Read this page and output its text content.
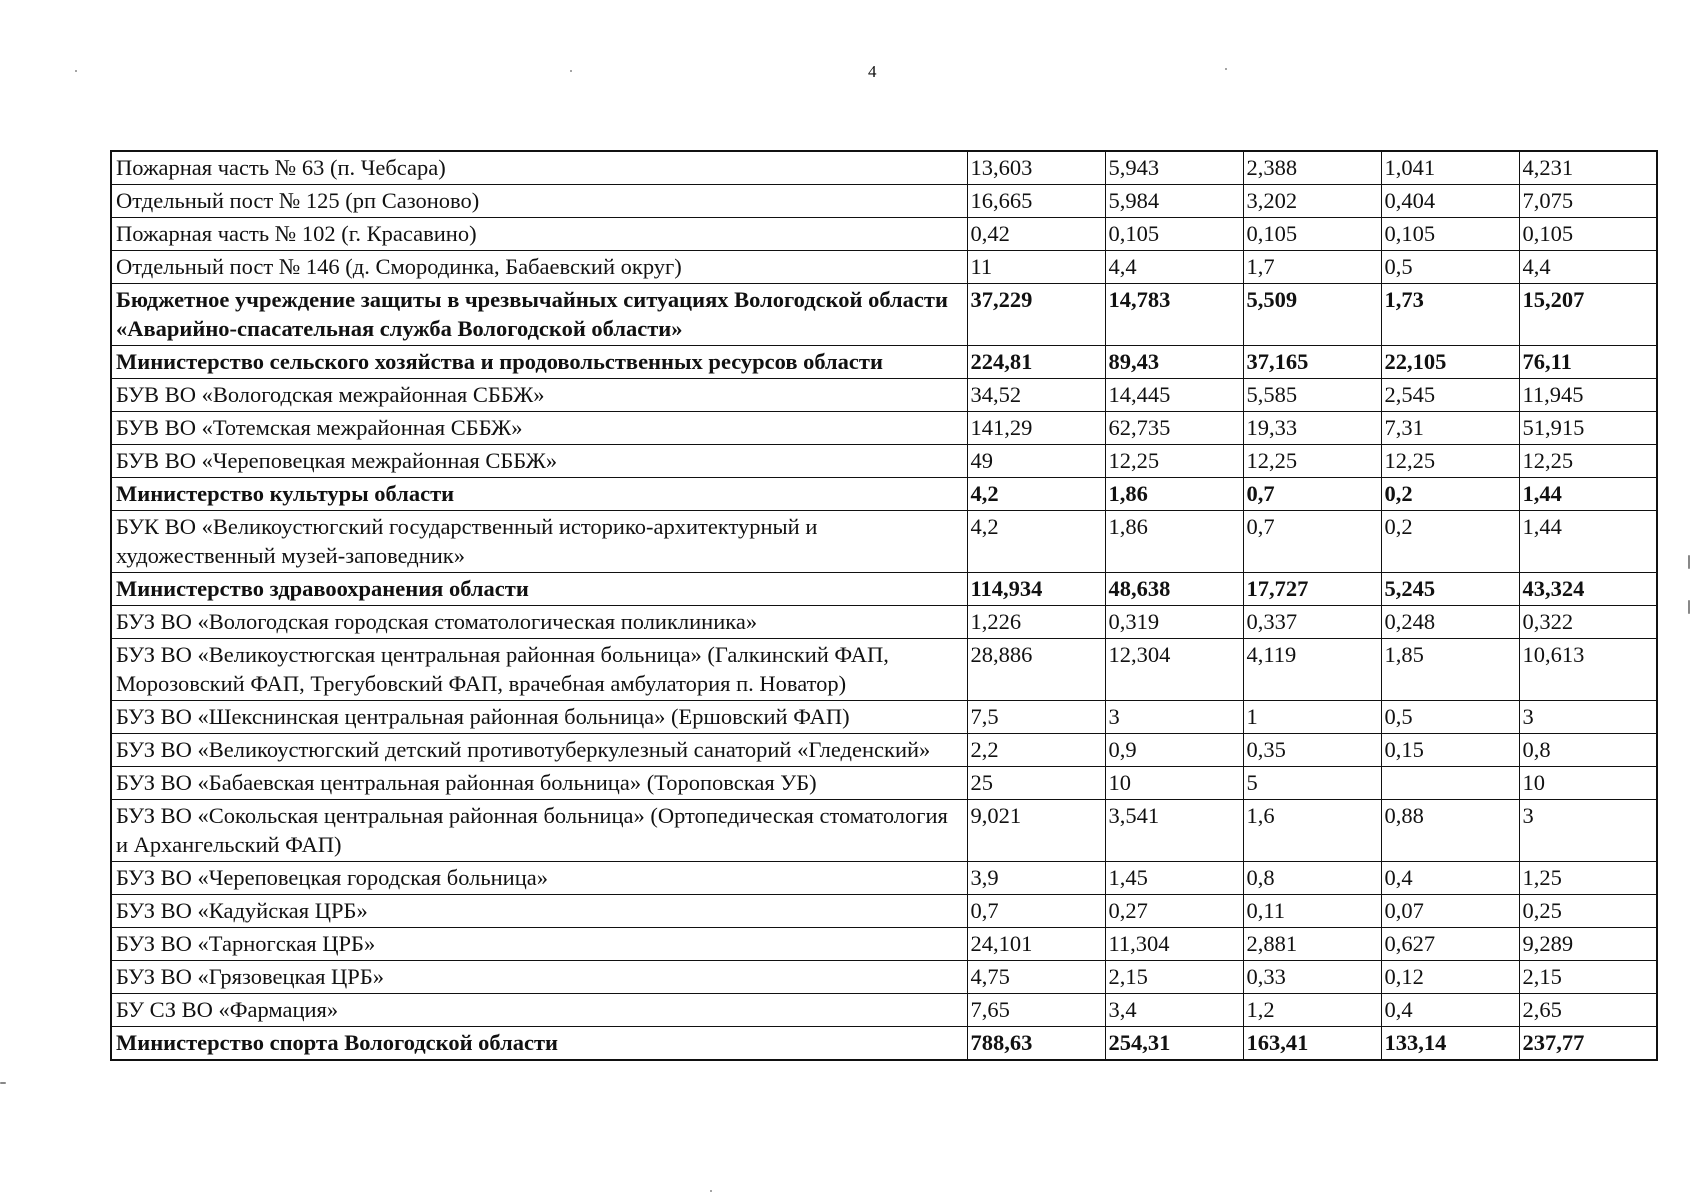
4
Пожарная часть № 63 (п. Чебсара)	13,603	5,943	2,388	1,041	4,231
Отдельный пост № 125 (рп Сазоново)	16,665	5,984	3,202	0,404	7,075
Пожарная часть № 102 (г. Красавино)	0,42	0,105	0,105	0,105	0,105
Отдельный пост № 146 (д. Смородинка, Бабаевский округ)	11	4,4	1,7	0,5	4,4
Бюджетное учреждение защиты в чрезвычайных ситуациях Вологодской области «Аварийно-спасательная служба Вологодской области»	37,229	14,783	5,509	1,73	15,207
Министерство сельского хозяйства и продовольственных ресурсов области	224,81	89,43	37,165	22,105	76,11
БУВ ВО «Вологодская межрайонная СББЖ»	34,52	14,445	5,585	2,545	11,945
БУВ ВО «Тотемская межрайонная СББЖ»	141,29	62,735	19,33	7,31	51,915
БУВ ВО «Череповецкая межрайонная СББЖ»	49	12,25	12,25	12,25	12,25
Министерство культуры области	4,2	1,86	0,7	0,2	1,44
БУК ВО «Великоустюгский государственный историко-архитектурный и художественный музей-заповедник»	4,2	1,86	0,7	0,2	1,44
Министерство здравоохранения области	114,934	48,638	17,727	5,245	43,324
БУЗ ВО «Вологодская городская стоматологическая поликлиника»	1,226	0,319	0,337	0,248	0,322
БУЗ ВО «Великоустюгская центральная районная больница» (Галкинский ФАП, Морозовский ФАП, Трегубовский ФАП, врачебная амбулатория п. Новатор)	28,886	12,304	4,119	1,85	10,613
БУЗ ВО «Шекснинская центральная районная больница» (Ершовский ФАП)	7,5	3	1	0,5	3
БУЗ ВО «Великоустюгский детский противотуберкулезный санаторий «Гледенский»	2,2	0,9	0,35	0,15	0,8
БУЗ ВО «Бабаевская центральная районная больница» (Тороповская УБ)	25	10	5		10
БУЗ ВО «Сокольская центральная районная больница» (Ортопедическая стоматология и Архангельский ФАП)	9,021	3,541	1,6	0,88	3
БУЗ ВО «Череповецкая городская больница»	3,9	1,45	0,8	0,4	1,25
БУЗ ВО «Кадуйская ЦРБ»	0,7	0,27	0,11	0,07	0,25
БУЗ ВО «Тарногская ЦРБ»	24,101	11,304	2,881	0,627	9,289
БУЗ ВО «Грязовецкая ЦРБ»	4,75	2,15	0,33	0,12	2,15
БУ СЗ ВО «Фармация»	7,65	3,4	1,2	0,4	2,65
Министерство спорта Вологодской области	788,63	254,31	163,41	133,14	237,77
